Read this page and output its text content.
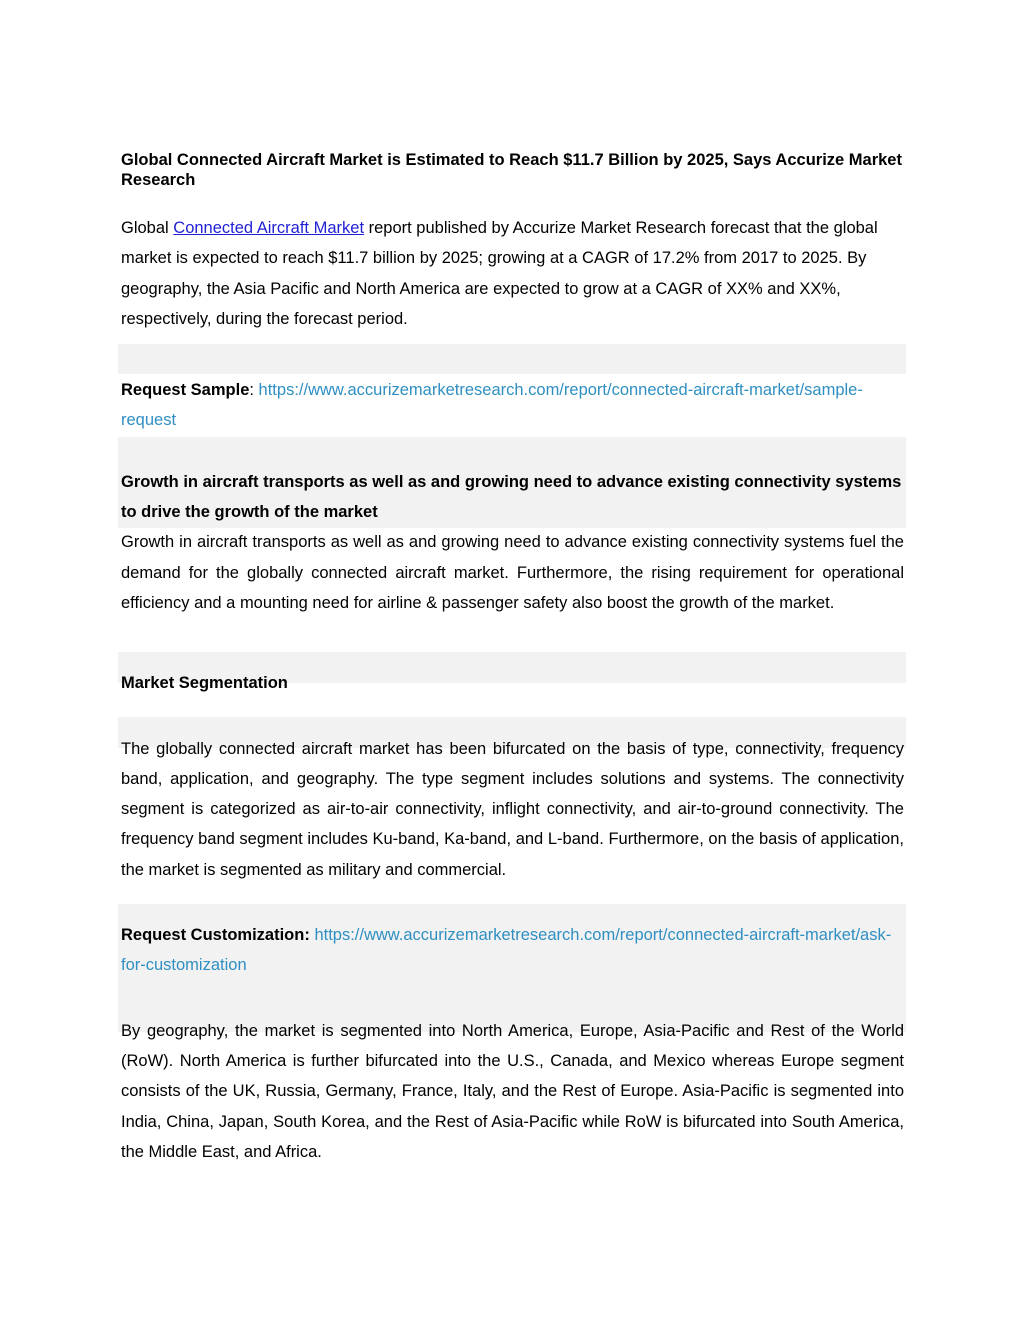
Global Connected Aircraft Market is Estimated to Reach $11.7 Billion by 2025, Says Accurize Market Research

Global Connected Aircraft Market report published by Accurize Market Research forecast that the global market is expected to reach $11.7 billion by 2025; growing at a CAGR of 17.2% from 2017 to 2025. By geography, the Asia Pacific and North America are expected to grow at a CAGR of XX% and XX%, respectively, during the forecast period.

Request Sample: https://www.accurizemarketresearch.com/report/connected-aircraft-market/sample-request

Growth in aircraft transports as well as and growing need to advance existing connectivity systems to drive the growth of the market

Growth in aircraft transports as well as and growing need to advance existing connectivity systems fuel the demand for the globally connected aircraft market. Furthermore, the rising requirement for operational efficiency and a mounting need for airline & passenger safety also boost the growth of the market.

Market Segmentation

The globally connected aircraft market has been bifurcated on the basis of type, connectivity, frequency band, application, and geography. The type segment includes solutions and systems. The connectivity segment is categorized as air-to-air connectivity, inflight connectivity, and air-to-ground connectivity. The frequency band segment includes Ku-band, Ka-band, and L-band. Furthermore, on the basis of application, the market is segmented as military and commercial.

Request Customization: https://www.accurizemarketresearch.com/report/connected-aircraft-market/ask-for-customization

By geography, the market is segmented into North America, Europe, Asia-Pacific and Rest of the World (RoW). North America is further bifurcated into the U.S., Canada, and Mexico whereas Europe segment consists of the UK, Russia, Germany, France, Italy, and the Rest of Europe. Asia-Pacific is segmented into India, China, Japan, South Korea, and the Rest of Asia-Pacific while RoW is bifurcated into South America, the Middle East, and Africa.
